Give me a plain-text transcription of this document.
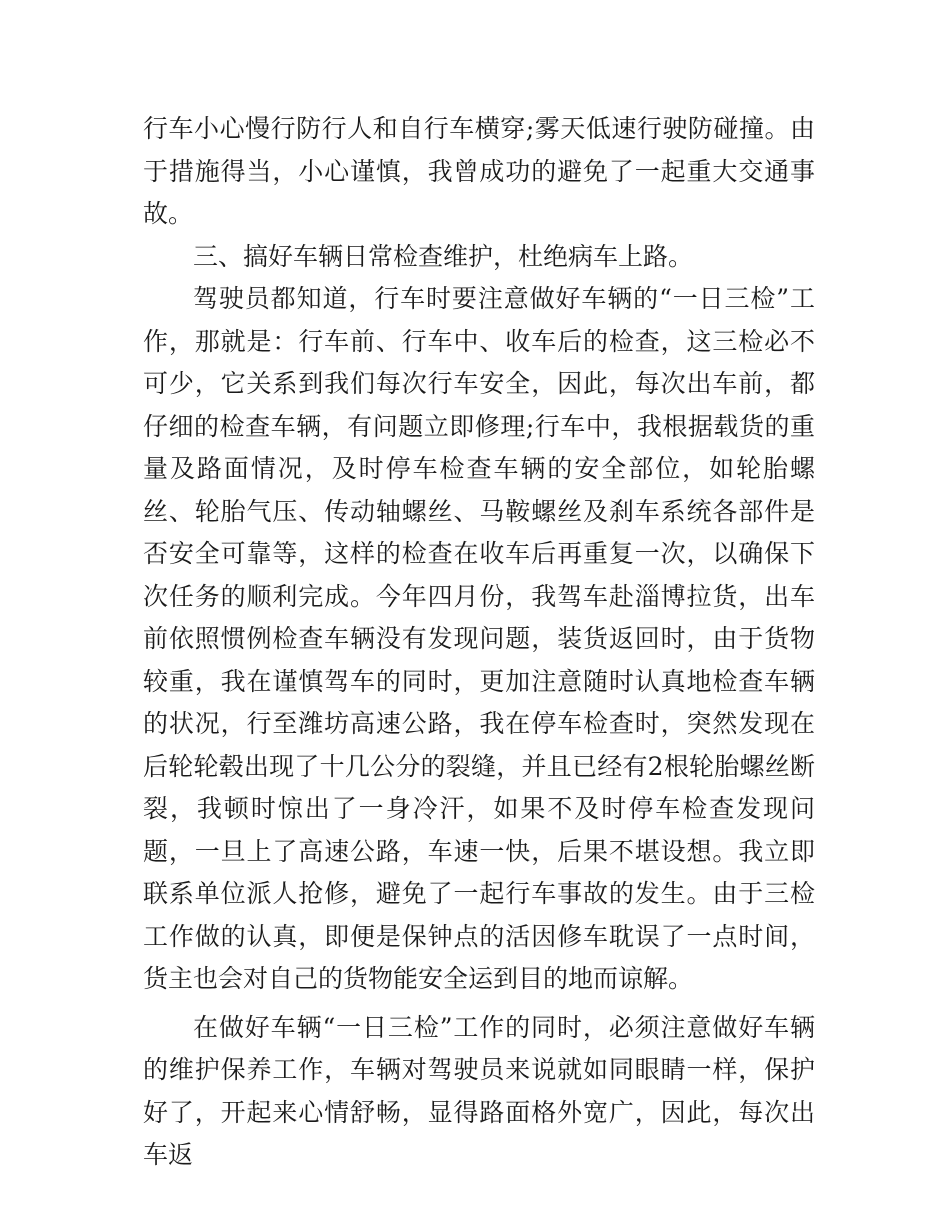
行车小心慢行防行人和自行车横穿;雾天低速行驶防碰撞。由于措施得当，小心谨慎，我曾成功的避免了一起重大交通事故。

三、搞好车辆日常检查维护，杜绝病车上路。

驾驶员都知道，行车时要注意做好车辆的“一日三检”工作，那就是：行车前、行车中、收车后的检查，这三检必不可少，它关系到我们每次行车安全，因此，每次出车前，都仔细的检查车辆，有问题立即修理;行车中，我根据载货的重量及路面情况，及时停车检查车辆的安全部位，如轮胎螺丝、轮胎气压、传动轴螺丝、马鞍螺丝及刹车系统各部件是否安全可靠等，这样的检查在收车后再重复一次，以确保下次任务的顺利完成。今年四月份，我驾车赴淄博拉货，出车前依照惯例检查车辆没有发现问题，装货返回时，由于货物较重，我在谨慎驾车的同时，更加注意随时认真地检查车辆的状况，行至潍坊高速公路，我在停车检查时，突然发现在后轮轮毂出现了十几公分的裂缝，并且已经有2根轮胎螺丝断裂，我顿时惊出了一身冷汗，如果不及时停车检查发现问题，一旦上了高速公路，车速一快，后果不堪设想。我立即联系单位派人抢修，避免了一起行车事故的发生。由于三检工作做的认真，即便是保钟点的活因修车耽误了一点时间，货主也会对自己的货物能安全运到目的地而谅解。

在做好车辆“一日三检”工作的同时，必须注意做好车辆的维护保养工作，车辆对驾驶员来说就如同眼睛一样，保护好了，开起来心情舒畅，显得路面格外宽广，因此，每次出车返
